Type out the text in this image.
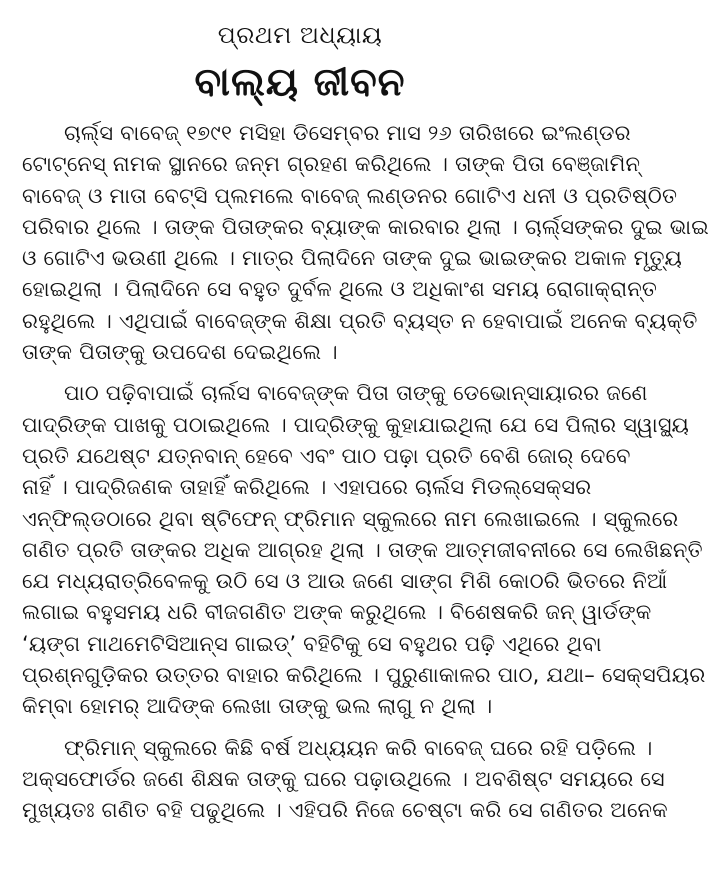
ପ୍ରଥମ ଅଧ୍ୟାୟ
ବାଲ୍ୟ ଜୀବନ
ଚାର୍ଲ୍‌ସ ବାବେଜ୍ ୧୭୯୧ ମସିହା ଡିସେମ୍ବର ମାସ ୨୬ ତାରିଖରେ ଇଂଲଣ୍ଡର
ଟୋଟ୍‌ନେସ୍ ନାମକ ସ୍ଥାନରେ ଜନ୍ମ ଗ୍ରହଣ କରିଥିଲେ । ତାଙ୍କ ପିତା ବେଞ୍ଜାମିନ୍
ବାବେଜ୍ ଓ ମାତା ବେଟ୍‌ସି ପ୍ଲମଲେ ବାବେଜ୍ ଲଣ୍ଡନର ଗୋଟିଏ ଧନୀ ଓ ପ୍ରତିଷ୍ଠିତ
ପରିବାର ଥିଲେ । ତାଙ୍କ ପିତାଙ୍କର ବ୍ୟାଙ୍କ କାରବାର ଥିଲା । ଚାର୍ଲ୍‌ସଙ୍କର ଦୁଇ ଭାଇ
ଓ ଗୋଟିଏ ଭଉଣୀ ଥିଲେ । ମାତ୍ର ପିଲାଦିନେ ତାଙ୍କ ଦୁଇ ଭାଇଙ୍କର ଅକାଳ ମୃତ୍ୟୁ
ହୋଇଥିଲା । ପିଲାଦିନେ ସେ ବହୁତ ଦୁର୍ବଳ ଥିଲେ ଓ ଅଧିକାଂଶ ସମୟ ରୋଗାକ୍ରାନ୍ତ
ରହୁଥିଲେ । ଏଥିପାଇଁ ବାବେଜ୍‌ଙ୍କ ଶିକ୍ଷା ପ୍ରତି ବ୍ୟସ୍ତ ନ ହେବାପାଇଁ ଅନେକ ବ୍ୟକ୍ତି
ତାଙ୍କ ପିତାଙ୍କୁ ଉପଦେଶ ଦେଇଥିଲେ ।
ପାଠ ପଢ଼ିବାପାଇଁ ଚାର୍ଲସ ବାବେଜ୍‌ଙ୍କ ପିତା ତାଙ୍କୁ ଡେଭୋନ୍‌ସାୟାରର ଜଣେ
ପାଦ୍ରିଙ୍କ ପାଖକୁ ପଠାଇଥିଲେ । ପାଦ୍ରିଙ୍କୁ କୁହାଯାଇଥିଲା ଯେ ସେ ପିଲାର ସ୍ୱାସ୍ଥ୍ୟ
ପ୍ରତି ଯଥେଷ୍ଟ ଯତ୍ନବାନ୍ ହେବେ ଏବଂ ପାଠ ପଢ଼ା ପ୍ରତି ବେଶି ଜୋର୍ ଦେବେ
ନାହିଁ । ପାଦ୍ରିଜଣକ ତାହାହିଁ କରିଥିଲେ । ଏହାପରେ ଚାର୍ଲସ ମିଡଲ୍‌ସେକ୍‌ସର
ଏନ୍‌ଫିଲ୍ଡଠାରେ ଥିବା ଷ୍ଟିଫେନ୍ ଫ୍ରିମାନ ସ୍କୁଲରେ ନାମ ଲେଖାଇଲେ । ସ୍କୁଲରେ
ଗଣିତ ପ୍ରତି ତାଙ୍କର ଅଧିକ ଆଗ୍ରହ ଥିଲା । ତାଙ୍କ ଆତ୍ମଜୀବନୀରେ ସେ ଲେଖିଛନ୍ତି
ଯେ ମଧ୍ୟରାତ୍ରିବେଳକୁ ଉଠି ସେ ଓ ଆଉ ଜଣେ ସାଙ୍ଗ ମିଶି କୋଠରି ଭିତରେ ନିଆଁ
ଲଗାଇ ବହୁସମୟ ଧରି ବୀଜଗଣିତ ଅଙ୍କ କରୁଥିଲେ । ବିଶେଷକରି ଜନ୍ ୱାର୍ଡଙ୍କ
‘ୟଙ୍ଗ ମାଥମେଟିସିଆନ୍‌ସ ଗାଇଡ୍’ ବହିଟିକୁ ସେ ବହୁଥର ପଢ଼ି ଏଥିରେ ଥିବା
ପ୍ରଶ୍ନଗୁଡ଼ିକର ଉତ୍ତର ବାହାର କରିଥିଲେ । ପୁରୁଣାକାଳର ପାଠ, ଯଥା– ସେକ୍‌ସପିୟର
କିମ୍ବା ହୋମର୍ ଆଦିଙ୍କ ଲେଖା ତାଙ୍କୁ ଭଲ ଲାଗୁ ନ ଥିଲା ।
ଫ୍ରିମାନ୍ ସ୍କୁଲରେ କିଛି ବର୍ଷ ଅଧ୍ୟୟନ କରି ବାବେଜ୍ ଘରେ ରହି ପଡ଼ିଲେ ।
ଅକ୍‌ସଫୋର୍ଡର ଜଣେ ଶିକ୍ଷକ ତାଙ୍କୁ ଘରେ ପଢ଼ାଉଥିଲେ । ଅବଶିଷ୍ଟ ସମୟରେ ସେ
ମୁଖ୍ୟତଃ ଗଣିତ ବହି ପଢୁଥିଲେ । ଏହିପରି ନିଜେ ଚେଷ୍ଟା କରି ସେ ଗଣିତର ଅନେକ
